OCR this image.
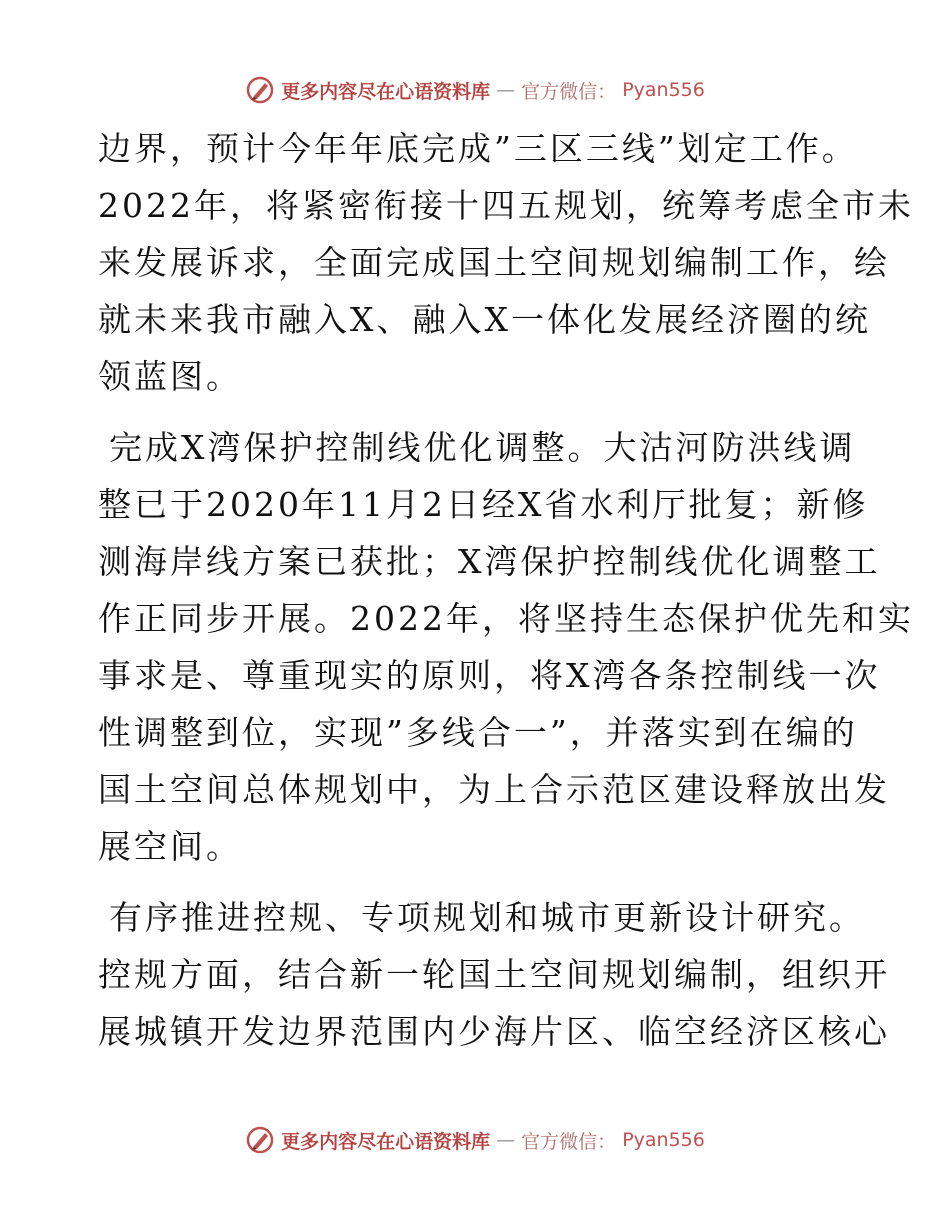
更多内容尽在心语资料库 — 官方微信： Pyan556

边界，预计今年年底完成”三区三线”划定工作。
2022年，将紧密衔接十四五规划，统筹考虑全市未
来发展诉求，全面完成国土空间规划编制工作，绘
就未来我市融入X、融入X一体化发展经济圈的统
领蓝图。

完成X湾保护控制线优化调整。大沽河防洪线调
整已于2020年11月2日经X省水利厅批复；新修
测海岸线方案已获批；X湾保护控制线优化调整工
作正同步开展。2022年，将坚持生态保护优先和实
事求是、尊重现实的原则，将X湾各条控制线一次
性调整到位，实现”多线合一”，并落实到在编的
国土空间总体规划中，为上合示范区建设释放出发
展空间。

有序推进控规、专项规划和城市更新设计研究。
控规方面，结合新一轮国土空间规划编制，组织开
展城镇开发边界范围内少海片区、临空经济区核心

更多内容尽在心语资料库 — 官方微信： Pyan556
